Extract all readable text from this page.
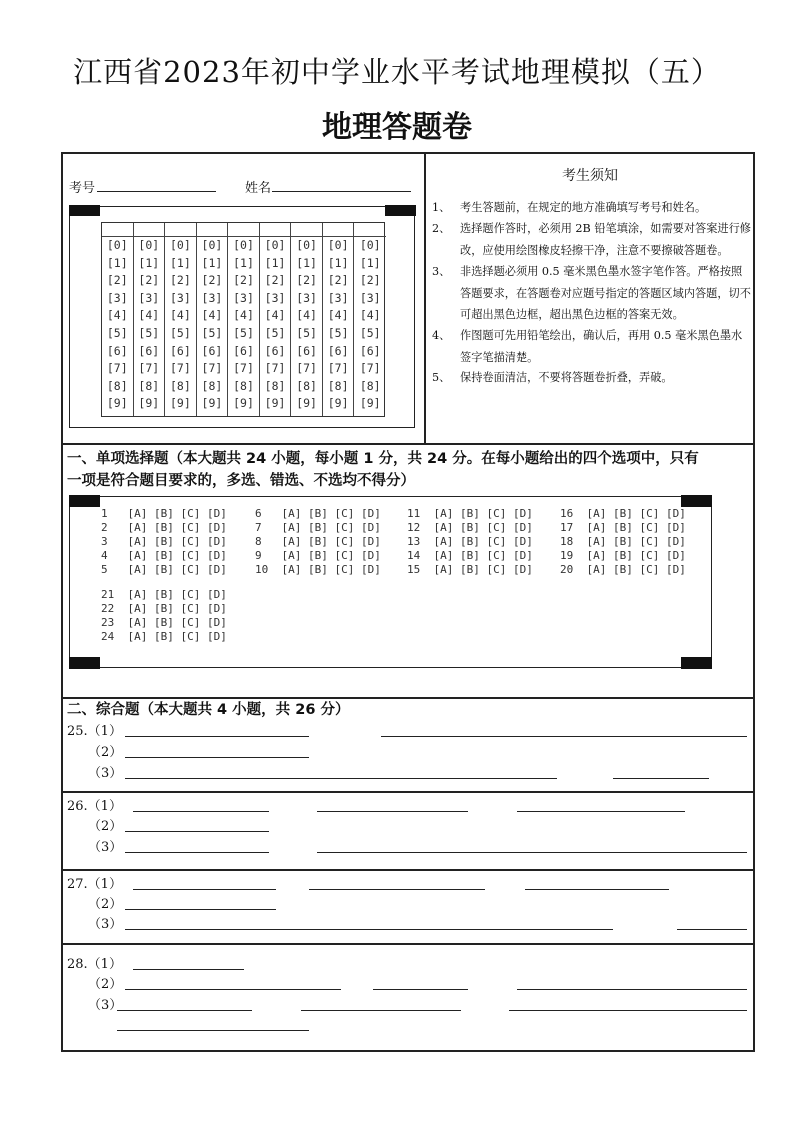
江西省2023年初中学业水平考试地理模拟（五）
地理答题卷
考号	姓名
[0]
[1]
[2]
[3]
[4]
[5]
[6]
[7]
[8]
[9]
[0]
[1]
[2]
[3]
[4]
[5]
[6]
[7]
[8]
[9]
[0]
[1]
[2]
[3]
[4]
[5]
[6]
[7]
[8]
[9]
[0]
[1]
[2]
[3]
[4]
[5]
[6]
[7]
[8]
[9]
[0]
[1]
[2]
[3]
[4]
[5]
[6]
[7]
[8]
[9]
[0]
[1]
[2]
[3]
[4]
[5]
[6]
[7]
[8]
[9]
[0]
[1]
[2]
[3]
[4]
[5]
[6]
[7]
[8]
[9]
[0]
[1]
[2]
[3]
[4]
[5]
[6]
[7]
[8]
[9]
[0]
[1]
[2]
[3]
[4]
[5]
[6]
[7]
[8]
[9]
考生须知
1、 考生答题前，在规定的地方准确填写考号和姓名。
2、 选择题作答时，必须用 2B 铅笔填涂，如需要对答案进行修改，应使用绘图橡皮轻擦干净，注意不要擦破答题卷。
3、 非选择题必须用 0.5 毫米黑色墨水签字笔作答。严格按照答题要求，在答题卷对应题号指定的答题区域内答题，切不可超出黑色边框，超出黑色边框的答案无效。
4、 作图题可先用铅笔绘出，确认后，再用 0.5 毫米黑色墨水签字笔描清楚。
5、 保持卷面清洁，不要将答题卷折叠，弄破。
一、单项选择题（本大题共 24 小题，每小题 1 分，共 24 分。在每小题给出的四个选项中，只有
一项是符合题目要求的，多选、错选、不选均不得分）
1   [A] [B] [C] [D]
2   [A] [B] [C] [D]
3   [A] [B] [C] [D]
4   [A] [B] [C] [D]
5   [A] [B] [C] [D]
6   [A] [B] [C] [D]
7   [A] [B] [C] [D]
8   [A] [B] [C] [D]
9   [A] [B] [C] [D]
10  [A] [B] [C] [D]
11  [A] [B] [C] [D]
12  [A] [B] [C] [D]
13  [A] [B] [C] [D]
14  [A] [B] [C] [D]
15  [A] [B] [C] [D]
16  [A] [B] [C] [D]
17  [A] [B] [C] [D]
18  [A] [B] [C] [D]
19  [A] [B] [C] [D]
20  [A] [B] [C] [D]
21  [A] [B] [C] [D]
22  [A] [B] [C] [D]
23  [A] [B] [C] [D]
24  [A] [B] [C] [D]
二、综合题（本大题共 4 小题，共 26 分）
25.（1）
（2）
（3）
26.（1）
（2）
（3）
27.（1）
（2）
（3）
28.（1）
（2）
（3）
